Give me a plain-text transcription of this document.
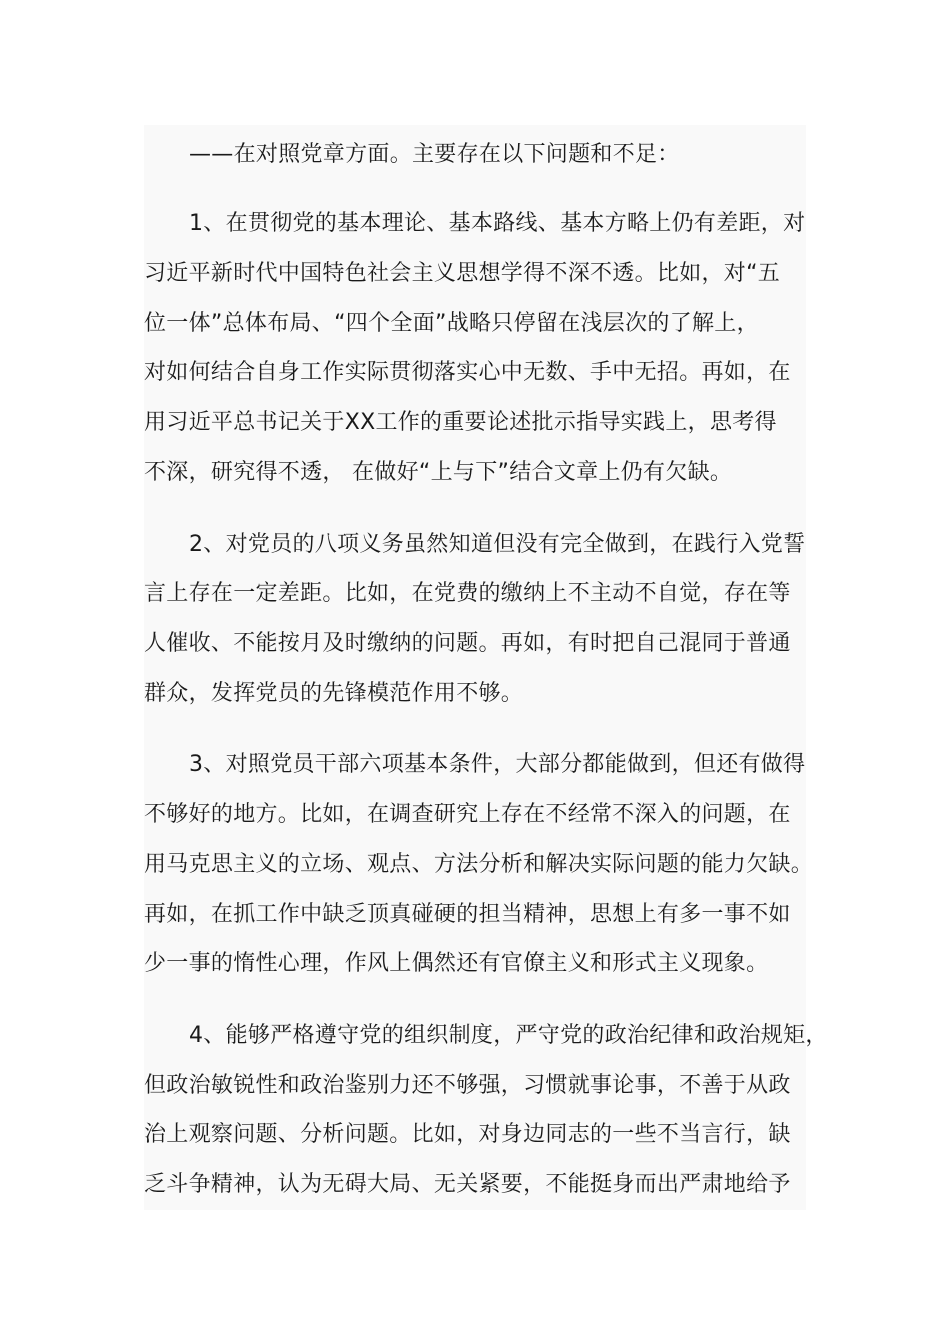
——在对照党章方面。主要存在以下问题和不足：
1、在贯彻党的基本理论、基本路线、基本方略上仍有差距，对
习近平新时代中国特色社会主义思想学得不深不透。比如，对“五
位一体”总体布局、“四个全面”战略只停留在浅层次的了解上，
对如何结合自身工作实际贯彻落实心中无数、手中无招。再如，在
用习近平总书记关于XX工作的重要论述批示指导实践上，思考得
不深，研究得不透， 在做好“上与下”结合文章上仍有欠缺。
2、对党员的八项义务虽然知道但没有完全做到，在践行入党誓
言上存在一定差距。比如，在党费的缴纳上不主动不自觉，存在等
人催收、不能按月及时缴纳的问题。再如，有时把自己混同于普通
群众，发挥党员的先锋模范作用不够。
3、对照党员干部六项基本条件，大部分都能做到，但还有做得
不够好的地方。比如，在调查研究上存在不经常不深入的问题，在
用马克思主义的立场、观点、方法分析和解决实际问题的能力欠缺。
再如，在抓工作中缺乏顶真碰硬的担当精神，思想上有多一事不如
少一事的惰性心理，作风上偶然还有官僚主义和形式主义现象。
4、能够严格遵守党的组织制度，严守党的政治纪律和政治规矩，
但政治敏锐性和政治鉴别力还不够强，习惯就事论事，不善于从政
治上观察问题、分析问题。比如，对身边同志的一些不当言行，缺
乏斗争精神，认为无碍大局、无关紧要，不能挺身而出严肃地给予
